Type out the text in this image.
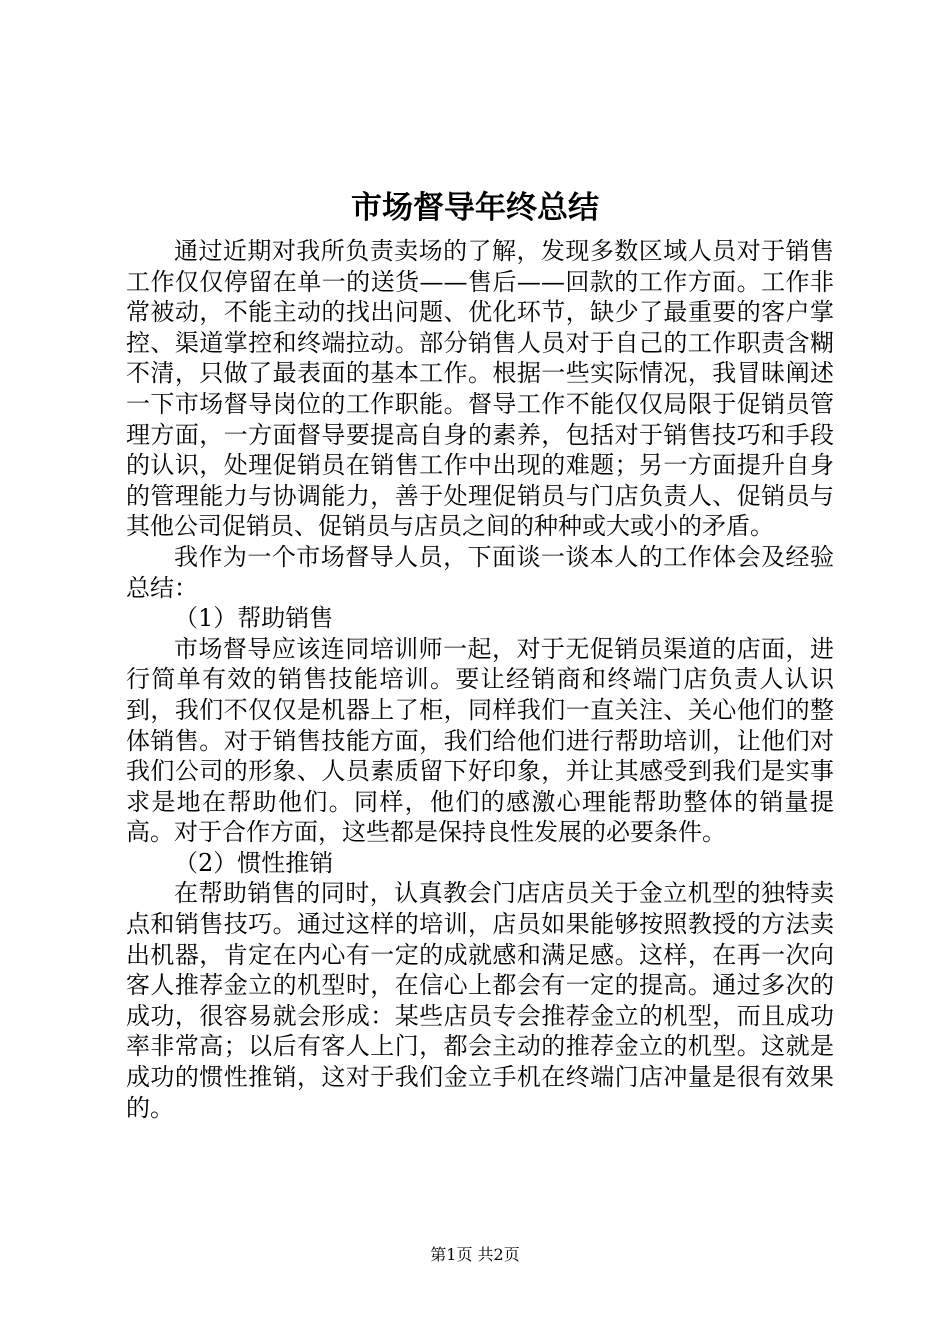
市场督导年终总结

通过近期对我所负责卖场的了解，发现多数区域人员对于销售工作仅仅停留在单一的送货——售后——回款的工作方面。工作非常被动，不能主动的找出问题、优化环节，缺少了最重要的客户掌控、渠道掌控和终端拉动。部分销售人员对于自己的工作职责含糊不清，只做了最表面的基本工作。根据一些实际情况，我冒昧阐述一下市场督导岗位的工作职能。督导工作不能仅仅局限于促销员管理方面，一方面督导要提高自身的素养，包括对于销售技巧和手段的认识，处理促销员在销售工作中出现的难题；另一方面提升自身的管理能力与协调能力，善于处理促销员与门店负责人、促销员与其他公司促销员、促销员与店员之间的种种或大或小的矛盾。

我作为一个市场督导人员，下面谈一谈本人的工作体会及经验总结：

（1）帮助销售

市场督导应该连同培训师一起，对于无促销员渠道的店面，进行简单有效的销售技能培训。要让经销商和终端门店负责人认识到，我们不仅仅是机器上了柜，同样我们一直关注、关心他们的整体销售。对于销售技能方面，我们给他们进行帮助培训，让他们对我们公司的形象、人员素质留下好印象，并让其感受到我们是实事求是地在帮助他们。同样，他们的感激心理能帮助整体的销量提高。对于合作方面，这些都是保持良性发展的必要条件。

（2）惯性推销

在帮助销售的同时，认真教会门店店员关于金立机型的独特卖点和销售技巧。通过这样的培训，店员如果能够按照教授的方法卖出机器，肯定在内心有一定的成就感和满足感。这样，在再一次向客人推荐金立的机型时，在信心上都会有一定的提高。通过多次的成功，很容易就会形成：某些店员专会推荐金立的机型，而且成功率非常高；以后有客人上门，都会主动的推荐金立的机型。这就是成功的惯性推销，这对于我们金立手机在终端门店冲量是很有效果的。

第1页 共2页
